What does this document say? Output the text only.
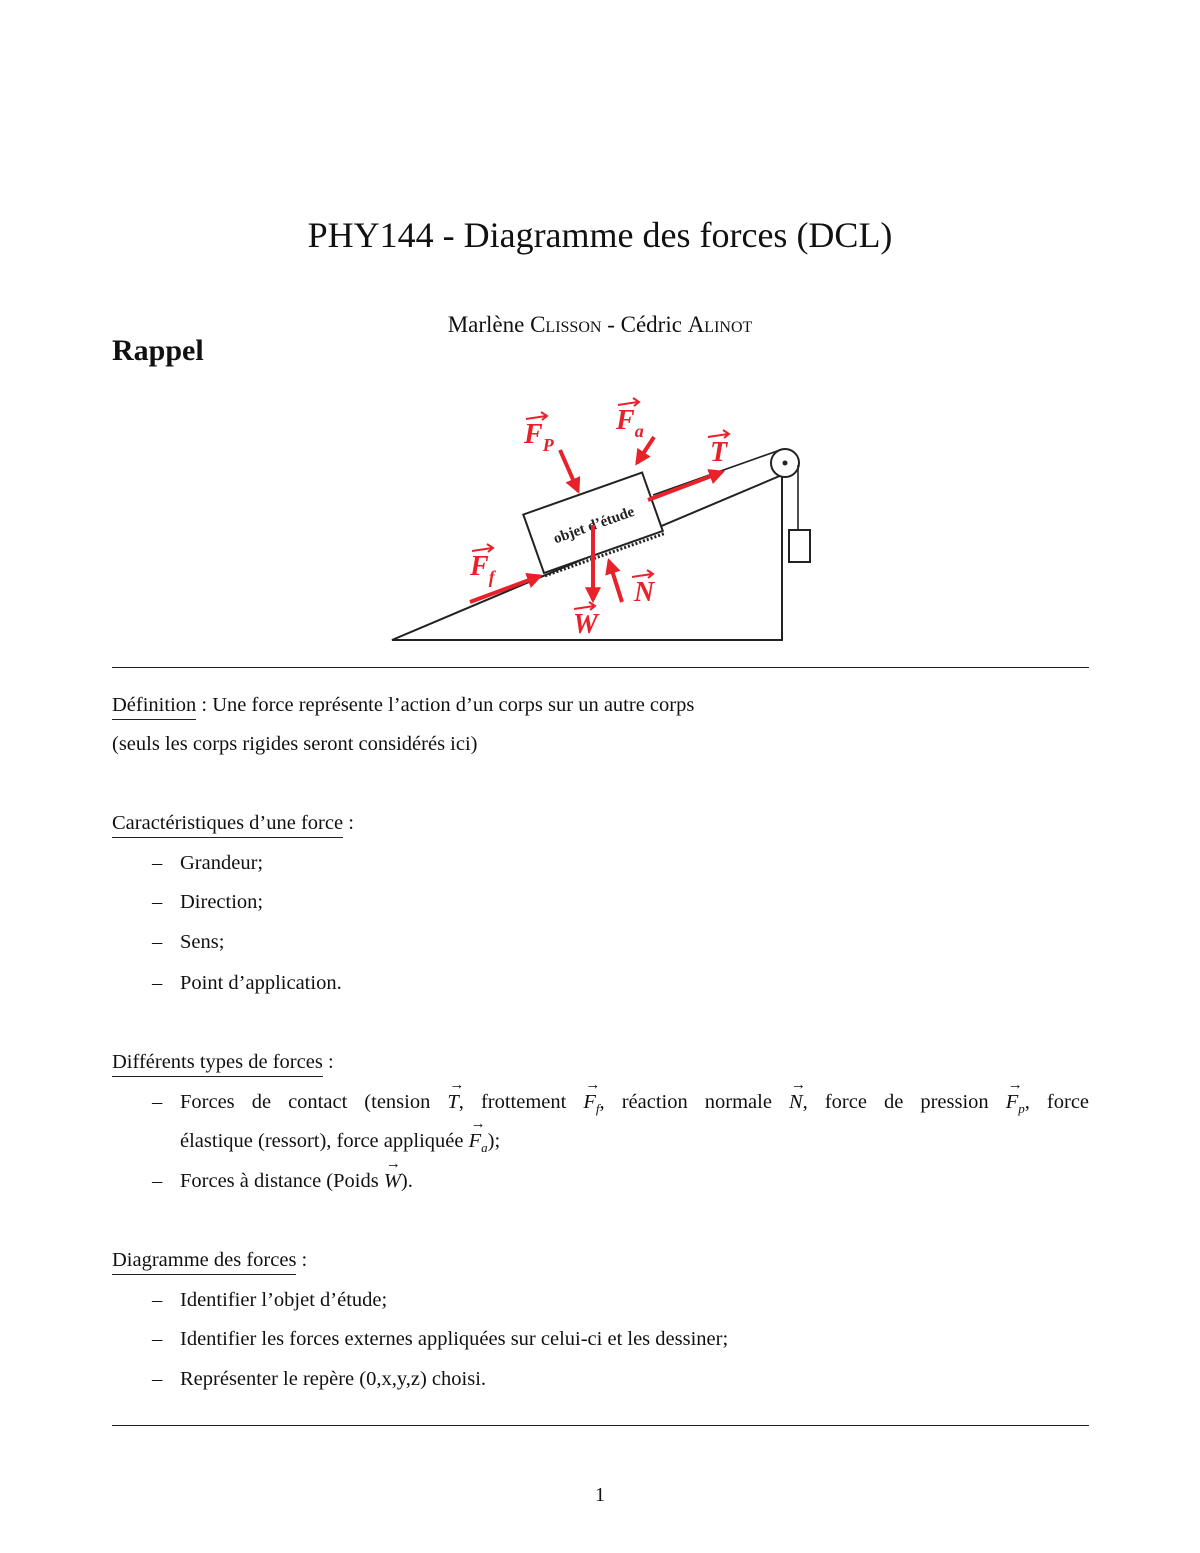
PHY144 - Diagramme des forces (DCL)
Marlène Clisson - Cédric Alinot
Rappel
objet d’étude
$F_P$
$F_a$
T
$F_f$	N
W
Définition : Une force représente l’action d’un corps sur un autre corps
(seuls les corps rigides seront considérés ici)
Caractéristiques d’une force :
– Grandeur;
– Direction;
– Sens;
– Point d’application.
Différents types de forces :
– Forces de contact (tension → T, frottement → $F_f$, réaction normale → N, force de pression → $F_p$, force
élastique (ressort), force appliquée → $F_a$);
– Forces à distance (Poids → W).
Diagramme des forces :
– Identifier l’objet d’étude;
– Identifier les forces externes appliquées sur celui-ci et les dessiner;
– Représenter le repère (0,x,y,z) choisi.
1
